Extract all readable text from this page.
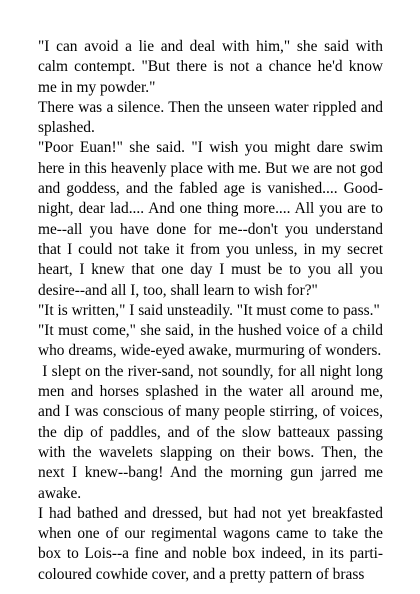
"I can avoid a lie and deal with him," she said with calm contempt. "But there is not a chance he'd know me in my powder."

There was a silence. Then the unseen water rippled and splashed.

"Poor Euan!" she said. "I wish you might dare swim here in this heavenly place with me. But we are not god and goddess, and the fabled age is vanished.... Good-night, dear lad.... And one thing more.... All you are to me--all you have done for me--don't you understand that I could not take it from you unless, in my secret heart, I knew that one day I must be to you all you desire--and all I, too, shall learn to wish for?"

"It is written," I said unsteadily. "It must come to pass."

"It must come," she said, in the hushed voice of a child who dreams, wide-eyed awake, murmuring of wonders.

I slept on the river-sand, not soundly, for all night long men and horses splashed in the water all around me, and I was conscious of many people stirring, of voices, the dip of paddles, and of the slow batteaux passing with the wavelets slapping on their bows. Then, the next I knew--bang! And the morning gun jarred me awake.

I had bathed and dressed, but had not yet breakfasted when one of our regimental wagons came to take the box to Lois--a fine and noble box indeed, in its parti-coloured cowhide cover, and a pretty pattern of brass
